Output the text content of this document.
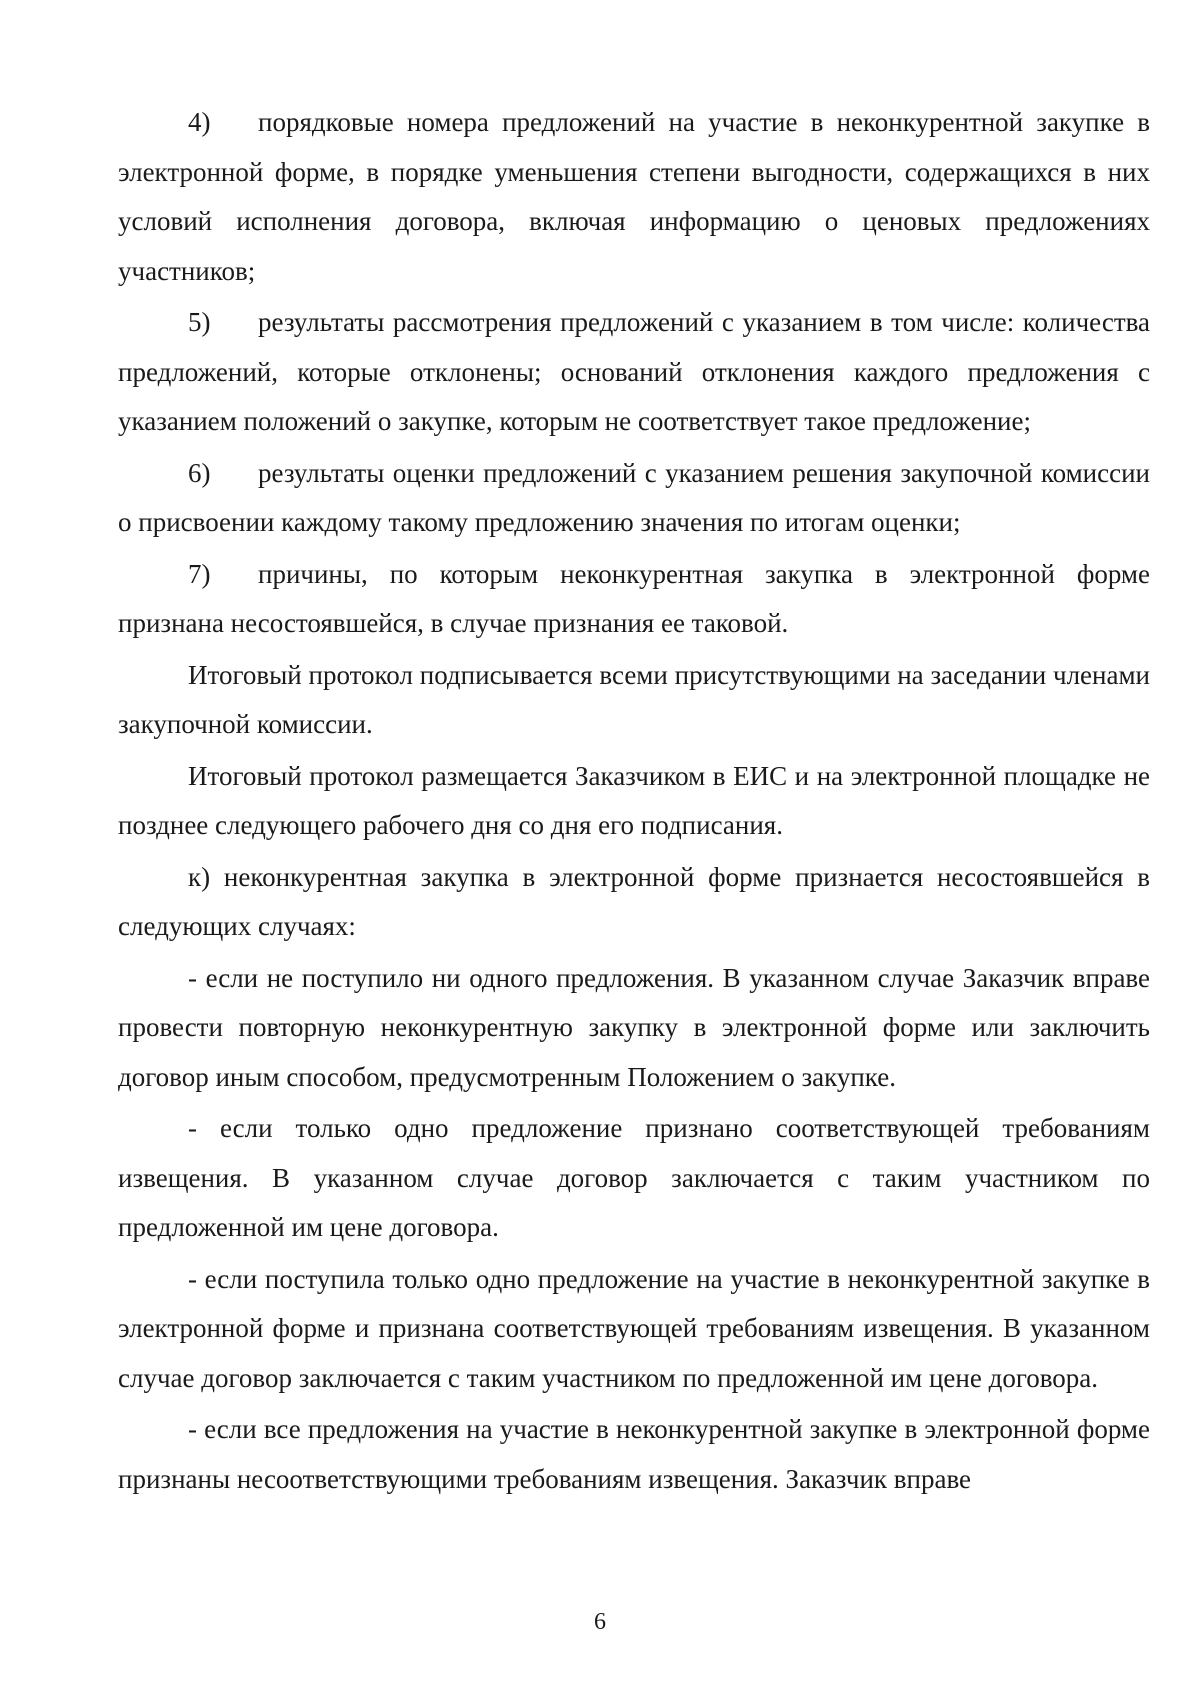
4) порядковые номера предложений на участие в неконкурентной закупке в электронной форме, в порядке уменьшения степени выгодности, содержащихся в них условий исполнения договора, включая информацию о ценовых предложениях участников;

5) результаты рассмотрения предложений с указанием в том числе: количества предложений, которые отклонены; оснований отклонения каждого предложения с указанием положений о закупке, которым не соответствует такое предложение;

6) результаты оценки предложений с указанием решения закупочной комиссии о присвоении каждому такому предложению значения по итогам оценки;

7) причины, по которым неконкурентная закупка в электронной форме признана несостоявшейся, в случае признания ее таковой.

Итоговый протокол подписывается всеми присутствующими на заседании членами закупочной комиссии.

Итоговый протокол размещается Заказчиком в ЕИС и на электронной площадке не позднее следующего рабочего дня со дня его подписания.

к) неконкурентная закупка в электронной форме признается несостоявшейся в следующих случаях:

- если не поступило ни одного предложения. В указанном случае Заказчик вправе провести повторную неконкурентную закупку в электронной форме или заключить договор иным способом, предусмотренным Положением о закупке.

- если только одно предложение признано соответствующей требованиям извещения. В указанном случае договор заключается с таким участником по предложенной им цене договора.

- если поступила только одно предложение на участие в неконкурентной закупке в электронной форме и признана соответствующей требованиям извещения. В указанном случае договор заключается с таким участником по предложенной им цене договора.

- если все предложения на участие в неконкурентной закупке в электронной форме признаны несоответствующими требованиям извещения. Заказчик вправе

6
